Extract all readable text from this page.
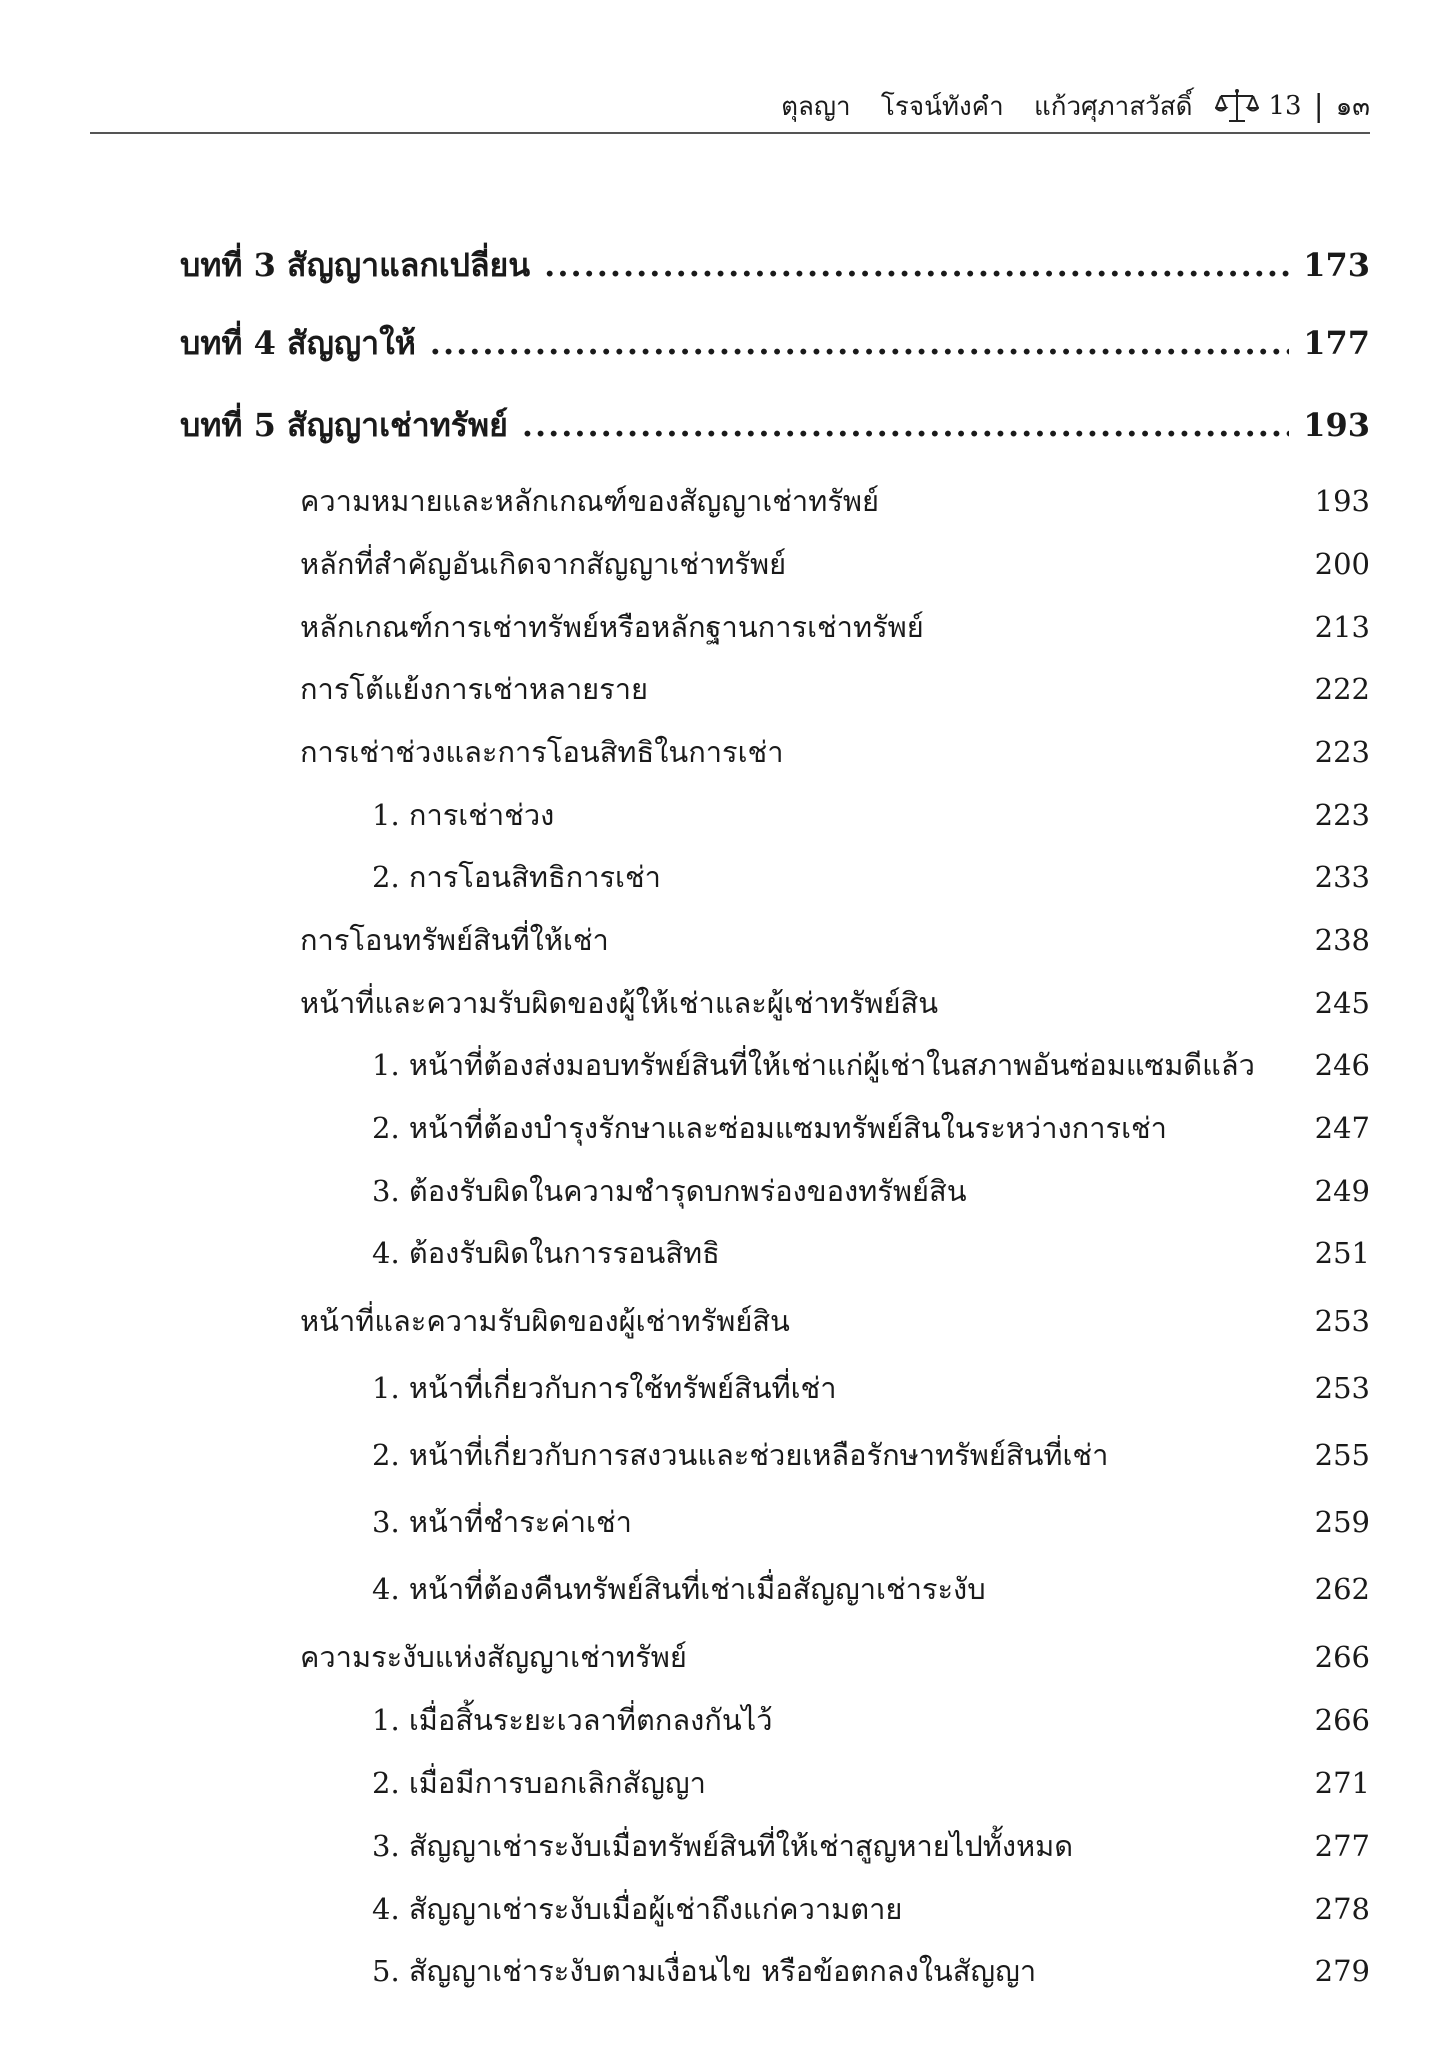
ตุลญา โรจน์ทังคำ แก้วศุภาสวัสดิ์	13 | ๑๓
บทที่ 3 สัญญาแลกเปลี่ยน .....	173
บทที่ 4 สัญญาให้ .....	177
บทที่ 5 สัญญาเช่าทรัพย์ .....	193
ความหมายและหลักเกณฑ์ของสัญญาเช่าทรัพย์	193
หลักที่สำคัญอันเกิดจากสัญญาเช่าทรัพย์	200
หลักเกณฑ์การเช่าทรัพย์หรือหลักฐานการเช่าทรัพย์	213
การโต้แย้งการเช่าหลายราย	222
การเช่าช่วงและการโอนสิทธิในการเช่า	223
1. การเช่าช่วง	223
2. การโอนสิทธิการเช่า	233
การโอนทรัพย์สินที่ให้เช่า	238
หน้าที่และความรับผิดของผู้ให้เช่าและผู้เช่าทรัพย์สิน	245
1. หน้าที่ต้องส่งมอบทรัพย์สินที่ให้เช่าแก่ผู้เช่าในสภาพอันซ่อมแซมดีแล้ว 246
2. หน้าที่ต้องบำรุงรักษาและซ่อมแซมทรัพย์สินในระหว่างการเช่า	247
3. ต้องรับผิดในความชำรุดบกพร่องของทรัพย์สิน	249
4. ต้องรับผิดในการรอนสิทธิ	251
หน้าที่และความรับผิดของผู้เช่าทรัพย์สิน	253
1. หน้าที่เกี่ยวกับการใช้ทรัพย์สินที่เช่า	253
2. หน้าที่เกี่ยวกับการสงวนและช่วยเหลือรักษาทรัพย์สินที่เช่า	255
3. หน้าที่ชำระค่าเช่า	259
4. หน้าที่ต้องคืนทรัพย์สินที่เช่าเมื่อสัญญาเช่าระงับ	262
ความระงับแห่งสัญญาเช่าทรัพย์	266
1. เมื่อสิ้นระยะเวลาที่ตกลงกันไว้	266
2. เมื่อมีการบอกเลิกสัญญา	271
3. สัญญาเช่าระงับเมื่อทรัพย์สินที่ให้เช่าสูญหายไปทั้งหมด	277
4. สัญญาเช่าระงับเมื่อผู้เช่าถึงแก่ความตาย	278
5. สัญญาเช่าระงับตามเงื่อนไข หรือข้อตกลงในสัญญา	279
